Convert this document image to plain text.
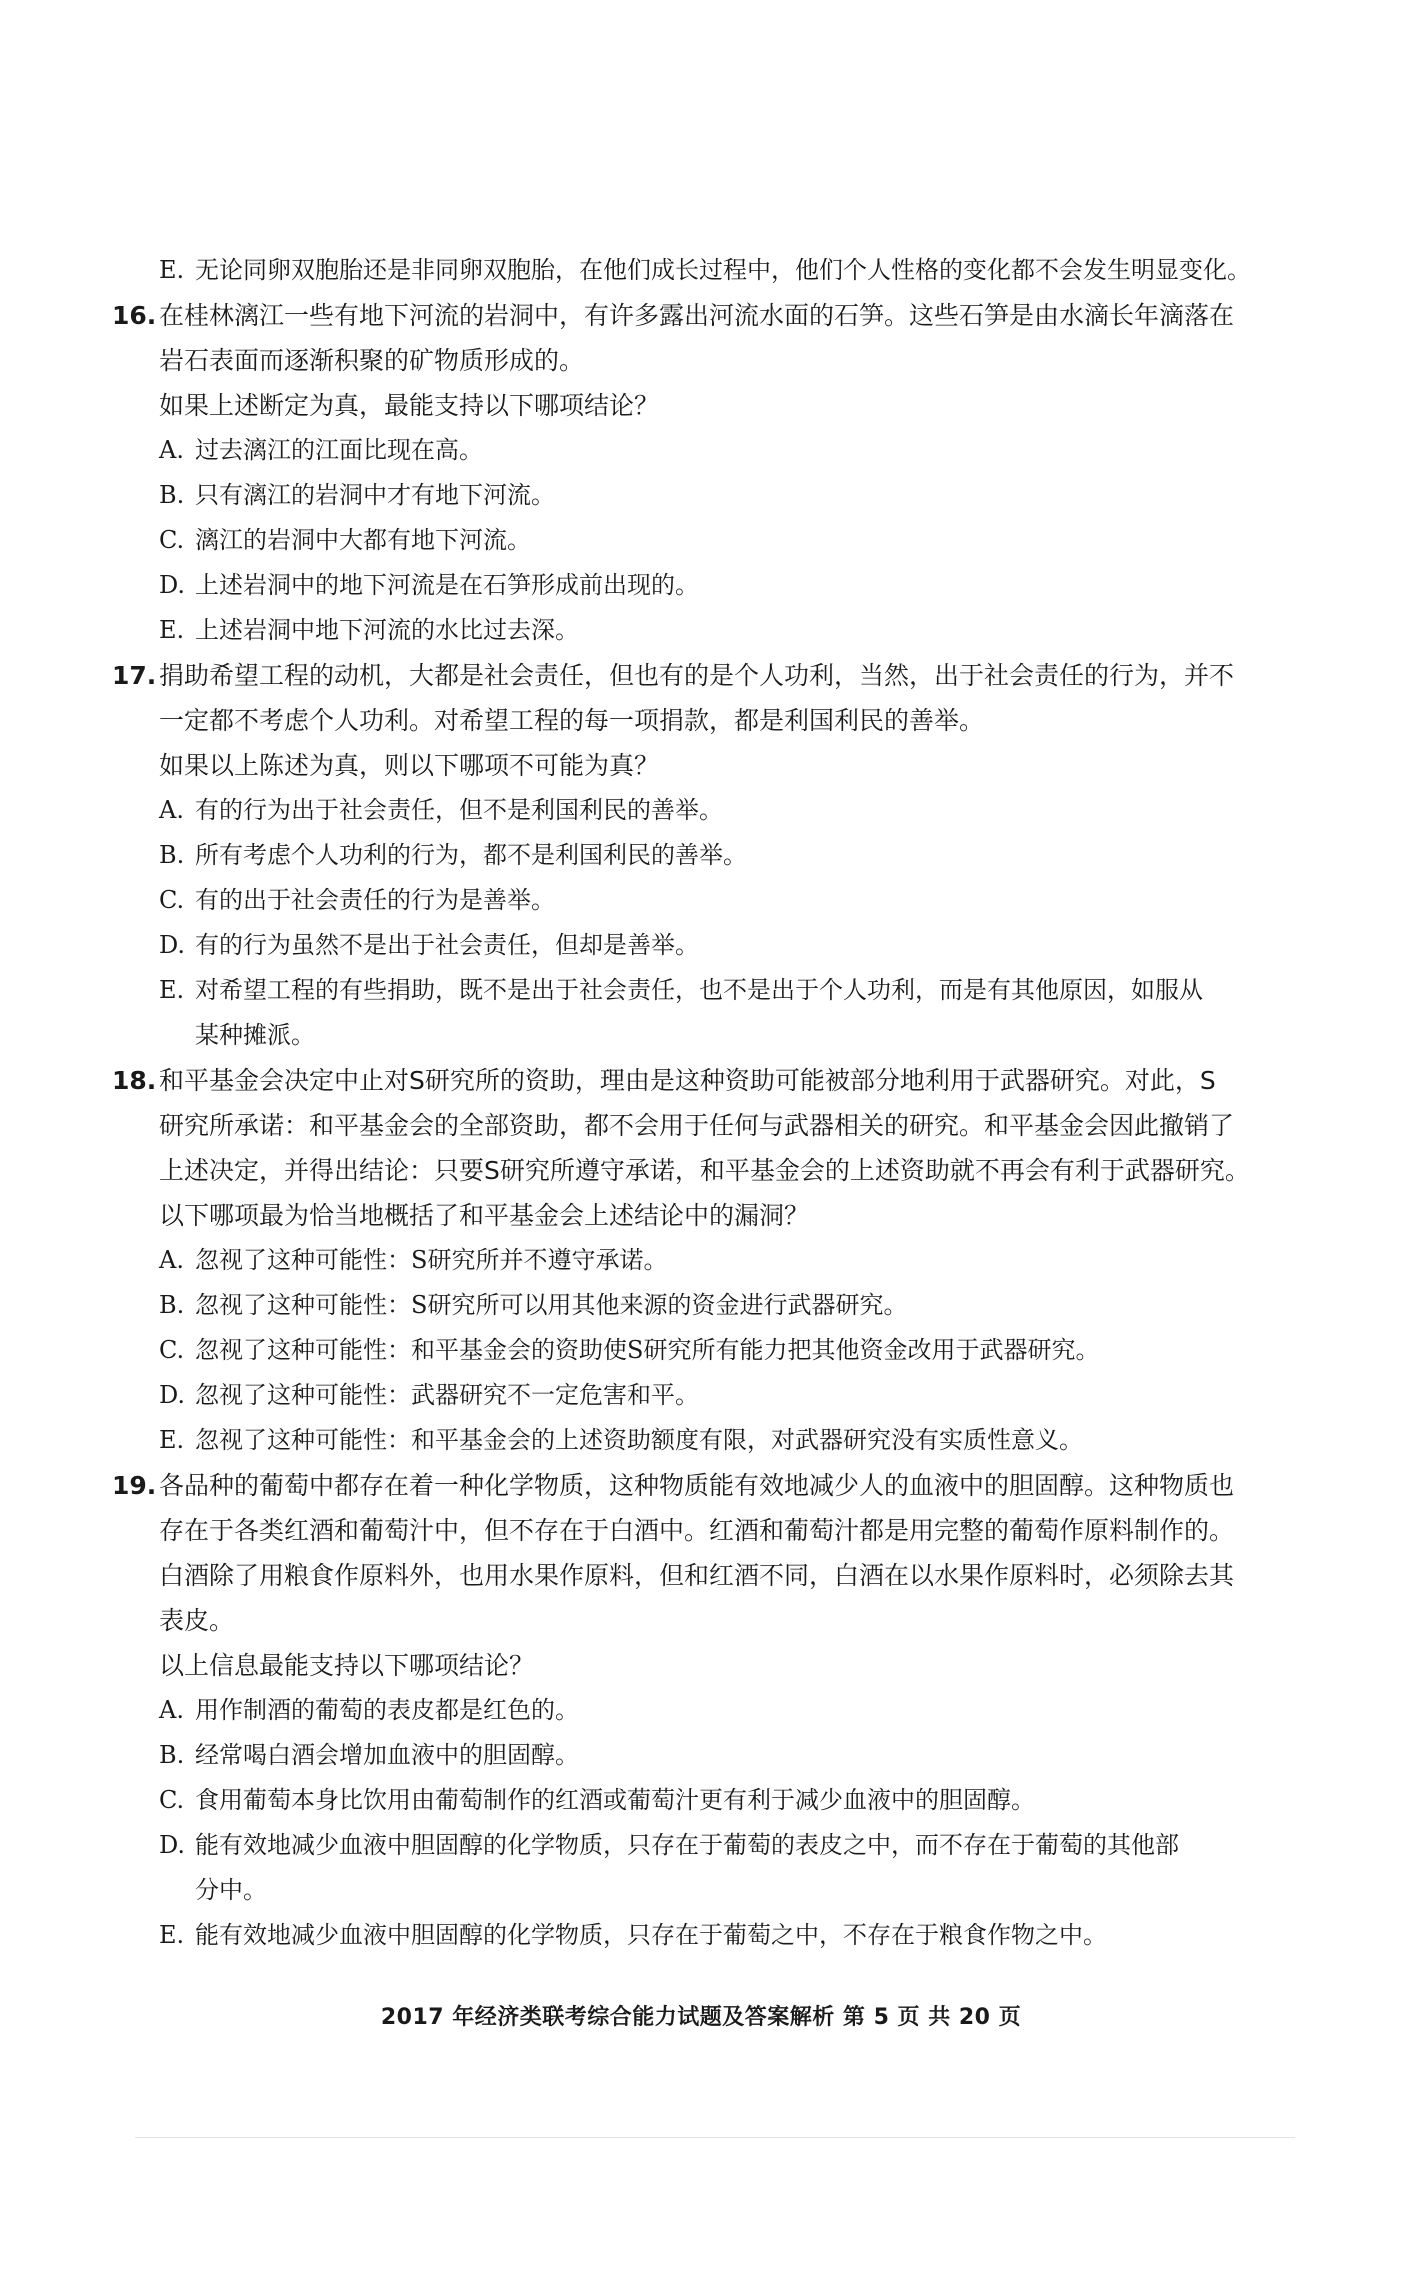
E. 无论同卵双胞胎还是非同卵双胞胎，在他们成长过程中，他们个人性格的变化都不会发生明显变化。
16. 在桂林漓江一些有地下河流的岩洞中，有许多露出河流水面的石笋。这些石笋是由水滴长年滴落在
岩石表面而逐渐积聚的矿物质形成的。
如果上述断定为真，最能支持以下哪项结论？
A. 过去漓江的江面比现在高。
B. 只有漓江的岩洞中才有地下河流。
C. 漓江的岩洞中大都有地下河流。
D. 上述岩洞中的地下河流是在石笋形成前出现的。
E. 上述岩洞中地下河流的水比过去深。
17. 捐助希望工程的动机，大都是社会责任，但也有的是个人功利，当然，出于社会责任的行为，并不
一定都不考虑个人功利。对希望工程的每一项捐款，都是利国利民的善举。
如果以上陈述为真，则以下哪项不可能为真？
A. 有的行为出于社会责任，但不是利国利民的善举。
B. 所有考虑个人功利的行为，都不是利国利民的善举。
C. 有的出于社会责任的行为是善举。
D. 有的行为虽然不是出于社会责任，但却是善举。
E. 对希望工程的有些捐助，既不是出于社会责任，也不是出于个人功利，而是有其他原因，如服从
某种摊派。
18. 和平基金会决定中止对S研究所的资助，理由是这种资助可能被部分地利用于武器研究。对此，S
研究所承诺：和平基金会的全部资助，都不会用于任何与武器相关的研究。和平基金会因此撤销了
上述决定，并得出结论：只要S研究所遵守承诺，和平基金会的上述资助就不再会有利于武器研究。
以下哪项最为恰当地概括了和平基金会上述结论中的漏洞？
A. 忽视了这种可能性：S研究所并不遵守承诺。
B. 忽视了这种可能性：S研究所可以用其他来源的资金进行武器研究。
C. 忽视了这种可能性：和平基金会的资助使S研究所有能力把其他资金改用于武器研究。
D. 忽视了这种可能性：武器研究不一定危害和平。
E. 忽视了这种可能性：和平基金会的上述资助额度有限，对武器研究没有实质性意义。
19. 各品种的葡萄中都存在着一种化学物质，这种物质能有效地减少人的血液中的胆固醇。这种物质也
存在于各类红酒和葡萄汁中，但不存在于白酒中。红酒和葡萄汁都是用完整的葡萄作原料制作的。
白酒除了用粮食作原料外，也用水果作原料，但和红酒不同，白酒在以水果作原料时，必须除去其
表皮。
以上信息最能支持以下哪项结论？
A. 用作制酒的葡萄的表皮都是红色的。
B. 经常喝白酒会增加血液中的胆固醇。
C. 食用葡萄本身比饮用由葡萄制作的红酒或葡萄汁更有利于减少血液中的胆固醇。
D. 能有效地减少血液中胆固醇的化学物质，只存在于葡萄的表皮之中，而不存在于葡萄的其他部
分中。
E. 能有效地减少血液中胆固醇的化学物质，只存在于葡萄之中，不存在于粮食作物之中。
2017 年经济类联考综合能力试题及答案解析 第 5 页 共 20 页
